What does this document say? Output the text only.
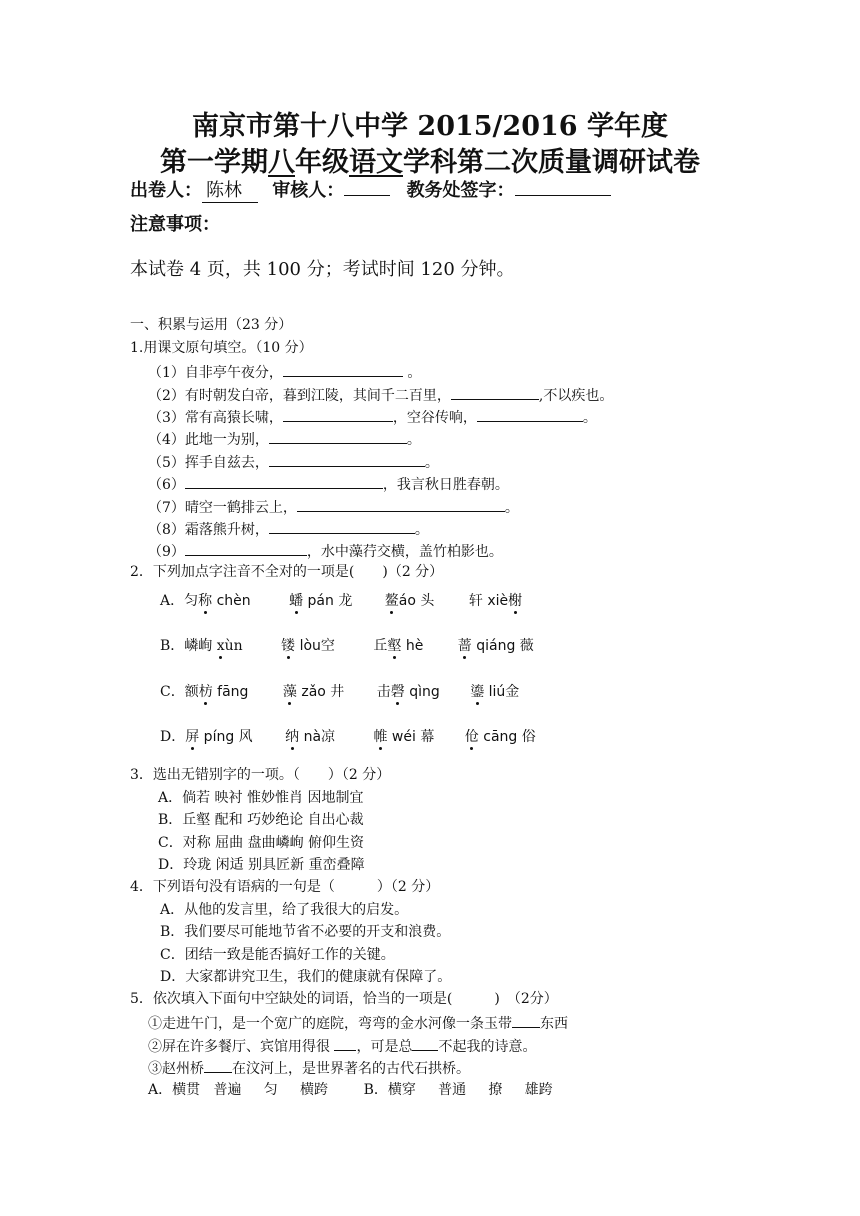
南京市第十八中学 2015/2016 学年度
第一学期八年级语文学科第二次质量调研试卷
出卷人： 陈林 审核人：	教务处签字：
注意事项：
本试卷 4 页，共 100 分；考试时间 120 分钟。
一、积累与运用（23 分）
1.用课文原句填空。（10 分）
（1）自非亭午夜分，	。
（2）有时朝发白帝，暮到江陵，其间千二百里，	,不以疾也。
（3）常有高猿长啸，	，空谷传响，	。
（4）此地一为别，	。
（5）挥手自兹去，	。
（6）	，我言秋日胜春朝。
（7）晴空一鹤排云上，	。
（8）霜落熊升树，	。
（9）	，水中藻荇交横，盖竹柏影也。
2．下列加点字注音不全对的一项是(　　)（2 分）
A．匀称 chèn	蟠 pán 龙 鳌áo 头 轩 xiè榭
B．嶙峋 xùn	镂 lòu空	丘壑 hè 蔷 qiáng 薇
C．额枋 fāng 藻 zǎo 井 击磬 qìng 鎏 liú金
D．屏 píng 风 纳 nà凉	帷 wéi 幕 伧 cāng 俗
3．选出无错别字的一项。（　　）（2 分）
A．倘若 映衬 惟妙惟肖 因地制宜
B．丘壑 配和 巧妙绝论 自出心裁
C．对称 屈曲 盘曲嶙峋 俯仰生资
D．玲珑 闲适 别具匠新 重峦叠障
4．下列语句没有语病的一句是（　　　）（2 分）
A．从他的发言里，给了我很大的启发。
B．我们要尽可能地节省不必要的开支和浪费。
C．团结一致是能否搞好工作的关键。
D．大家都讲究卫生，我们的健康就有保障了。
5．依次填入下面句中空缺处的词语，恰当的一项是(　　　)　（2分）
①走进午门，是一个宽广的庭院，弯弯的金水河像一条玉带 东西
②屏在许多餐厅、宾馆用得很 ，可是总 不起我的诗意。
③赵州桥 在汶河上，是世界著名的古代石拱桥。
A．横贯   普遍     匀     横跨        B．横穿     普通     撩     雄跨
